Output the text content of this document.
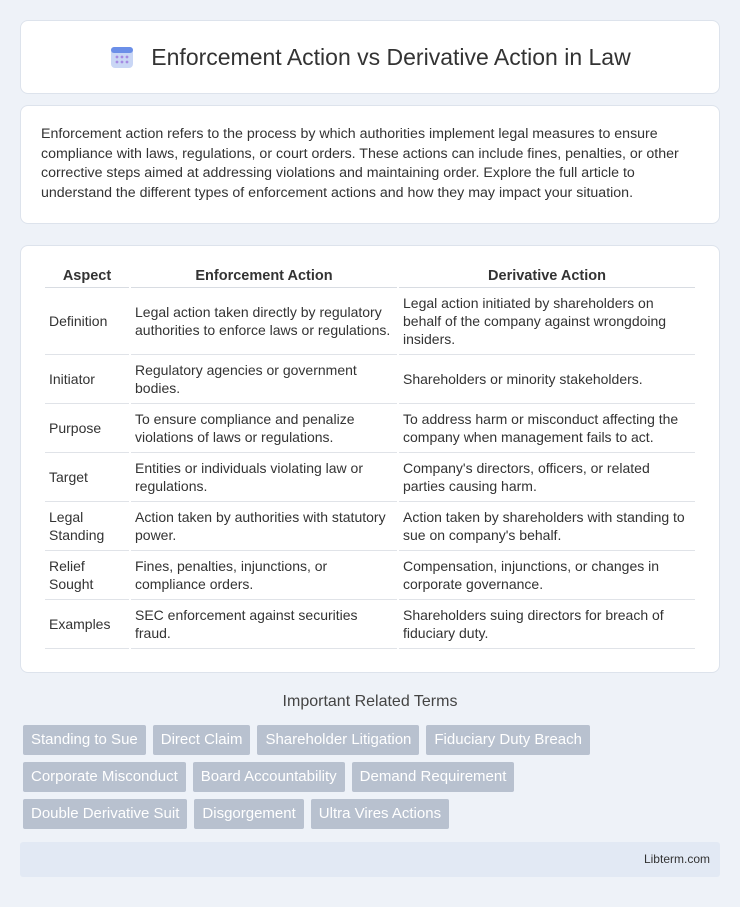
Enforcement Action vs Derivative Action in Law

Enforcement action refers to the process by which authorities implement legal measures to ensure compliance with laws, regulations, or court orders. These actions can include fines, penalties, or other corrective steps aimed at addressing violations and maintaining order. Explore the full article to understand the different types of enforcement actions and how they may impact your situation.

Aspect	Enforcement Action	Derivative Action
Definition	Legal action taken directly by regulatory authorities to enforce laws or regulations.	Legal action initiated by shareholders on behalf of the company against wrongdoing insiders.
Initiator	Regulatory agencies or government bodies.	Shareholders or minority stakeholders.
Purpose	To ensure compliance and penalize violations of laws or regulations.	To address harm or misconduct affecting the company when management fails to act.
Target	Entities or individuals violating law or regulations.	Company's directors, officers, or related parties causing harm.
Legal Standing	Action taken by authorities with statutory power.	Action taken by shareholders with standing to sue on company's behalf.
Relief Sought	Fines, penalties, injunctions, or compliance orders.	Compensation, injunctions, or changes in corporate governance.
Examples	SEC enforcement against securities fraud.	Shareholders suing directors for breach of fiduciary duty.
Important Related Terms
Standing to Sue	Direct Claim	Shareholder Litigation	Fiduciary Duty Breach
Corporate Misconduct	Board Accountability	Demand Requirement
Double Derivative Suit	Disgorgement	Ultra Vires Actions
Libterm.com
